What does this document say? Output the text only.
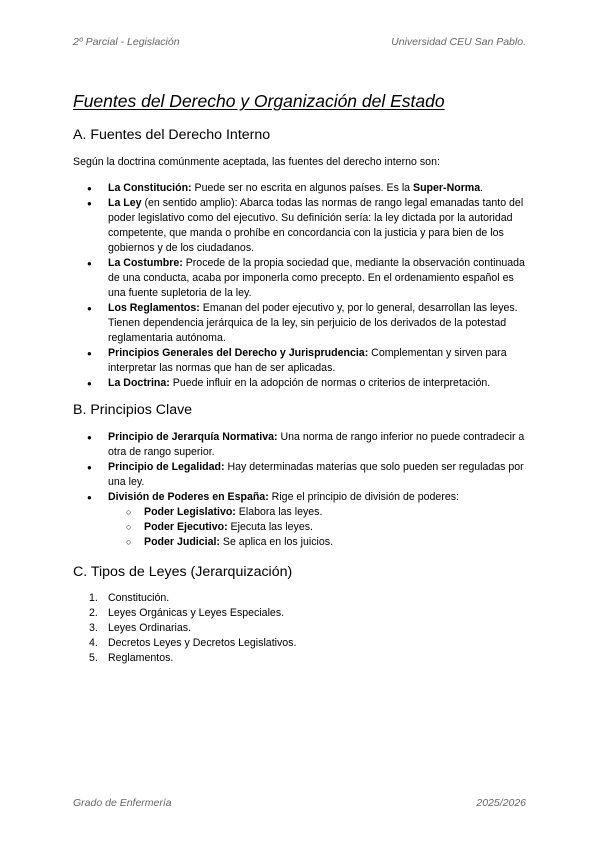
2º Parcial - Legislación	Universidad CEU San Pablo.
Fuentes del Derecho y Organización del Estado
A. Fuentes del Derecho Interno

Según la doctrina comúnmente aceptada, las fuentes del derecho interno son:

● La Constitución: Puede ser no escrita en algunos países. Es la Super-Norma.
● La Ley (en sentido amplio): Abarca todas las normas de rango legal emanadas tanto del poder legislativo como del ejecutivo. Su definición sería: la ley dictada por la autoridad competente, que manda o prohíbe en concordancia con la justicia y para bien de los gobiernos y de los ciudadanos.
● La Costumbre: Procede de la propia sociedad que, mediante la observación continuada de una conducta, acaba por imponerla como precepto. En el ordenamiento español es una fuente supletoria de la ley.
● Los Reglamentos: Emanan del poder ejecutivo y, por lo general, desarrollan las leyes. Tienen dependencia jerárquica de la ley, sin perjuicio de los derivados de la potestad reglamentaria autónoma.
● Principios Generales del Derecho y Jurisprudencia: Complementan y sirven para interpretar las normas que han de ser aplicadas.
● La Doctrina: Puede influir en la adopción de normas o criterios de interpretación.
B. Principios Clave
● Principio de Jerarquía Normativa: Una norma de rango inferior no puede contradecir a otra de rango superior.
● Principio de Legalidad: Hay determinadas materias que solo pueden ser reguladas por una ley.
● División de Poderes en España: Rige el principio de división de poderes:
○ Poder Legislativo: Elabora las leyes.
○ Poder Ejecutivo: Ejecuta las leyes.
○ Poder Judicial: Se aplica en los juicios.
C. Tipos de Leyes (Jerarquización)
1. Constitución.
2. Leyes Orgánicas y Leyes Especiales.
3. Leyes Ordinarias.
4. Decretos Leyes y Decretos Legislativos.
5. Reglamentos.
Grado de Enfermería	2025/2026
